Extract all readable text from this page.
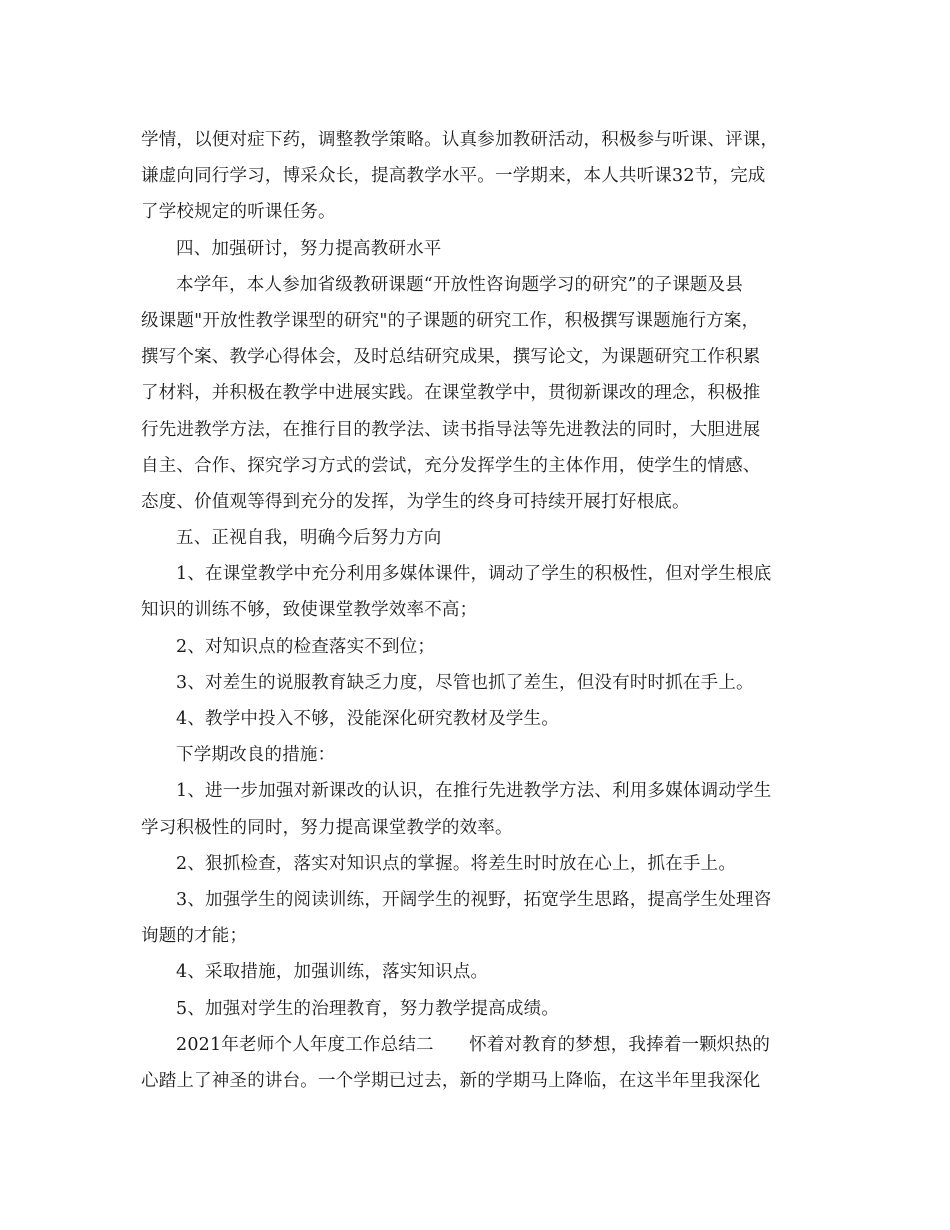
学情，以便对症下药，调整教学策略。认真参加教研活动，积极参与听课、评课，
谦虚向同行学习，博采众长，提高教学水平。一学期来，本人共听课32节，完成
了学校规定的听课任务。
四、加强研讨，努力提高教研水平
本学年，本人参加省级教研课题“开放性咨询题学习的研究”的子课题及县
级课题"开放性教学课型的研究"的子课题的研究工作，积极撰写课题施行方案，
撰写个案、教学心得体会，及时总结研究成果，撰写论文，为课题研究工作积累
了材料，并积极在教学中进展实践。在课堂教学中，贯彻新课改的理念，积极推
行先进教学方法，在推行目的教学法、读书指导法等先进教法的同时，大胆进展
自主、合作、探究学习方式的尝试，充分发挥学生的主体作用，使学生的情感、
态度、价值观等得到充分的发挥，为学生的终身可持续开展打好根底。
五、正视自我，明确今后努力方向
1、在课堂教学中充分利用多媒体课件，调动了学生的积极性，但对学生根底
知识的训练不够，致使课堂教学效率不高；
2、对知识点的检查落实不到位；
3、对差生的说服教育缺乏力度，尽管也抓了差生，但没有时时抓在手上。
4、教学中投入不够，没能深化研究教材及学生。
下学期改良的措施：
1、进一步加强对新课改的认识，在推行先进教学方法、利用多媒体调动学生
学习积极性的同时，努力提高课堂教学的效率。
2、狠抓检查，落实对知识点的掌握。将差生时时放在心上，抓在手上。
3、加强学生的阅读训练，开阔学生的视野，拓宽学生思路，提高学生处理咨
询题的才能；
4、采取措施，加强训练，落实知识点。
5、加强对学生的治理教育，努力教学提高成绩。
2021年老师个人年度工作总结二　　怀着对教育的梦想，我捧着一颗炽热的
心踏上了神圣的讲台。一个学期已过去，新的学期马上降临，在这半年里我深化
